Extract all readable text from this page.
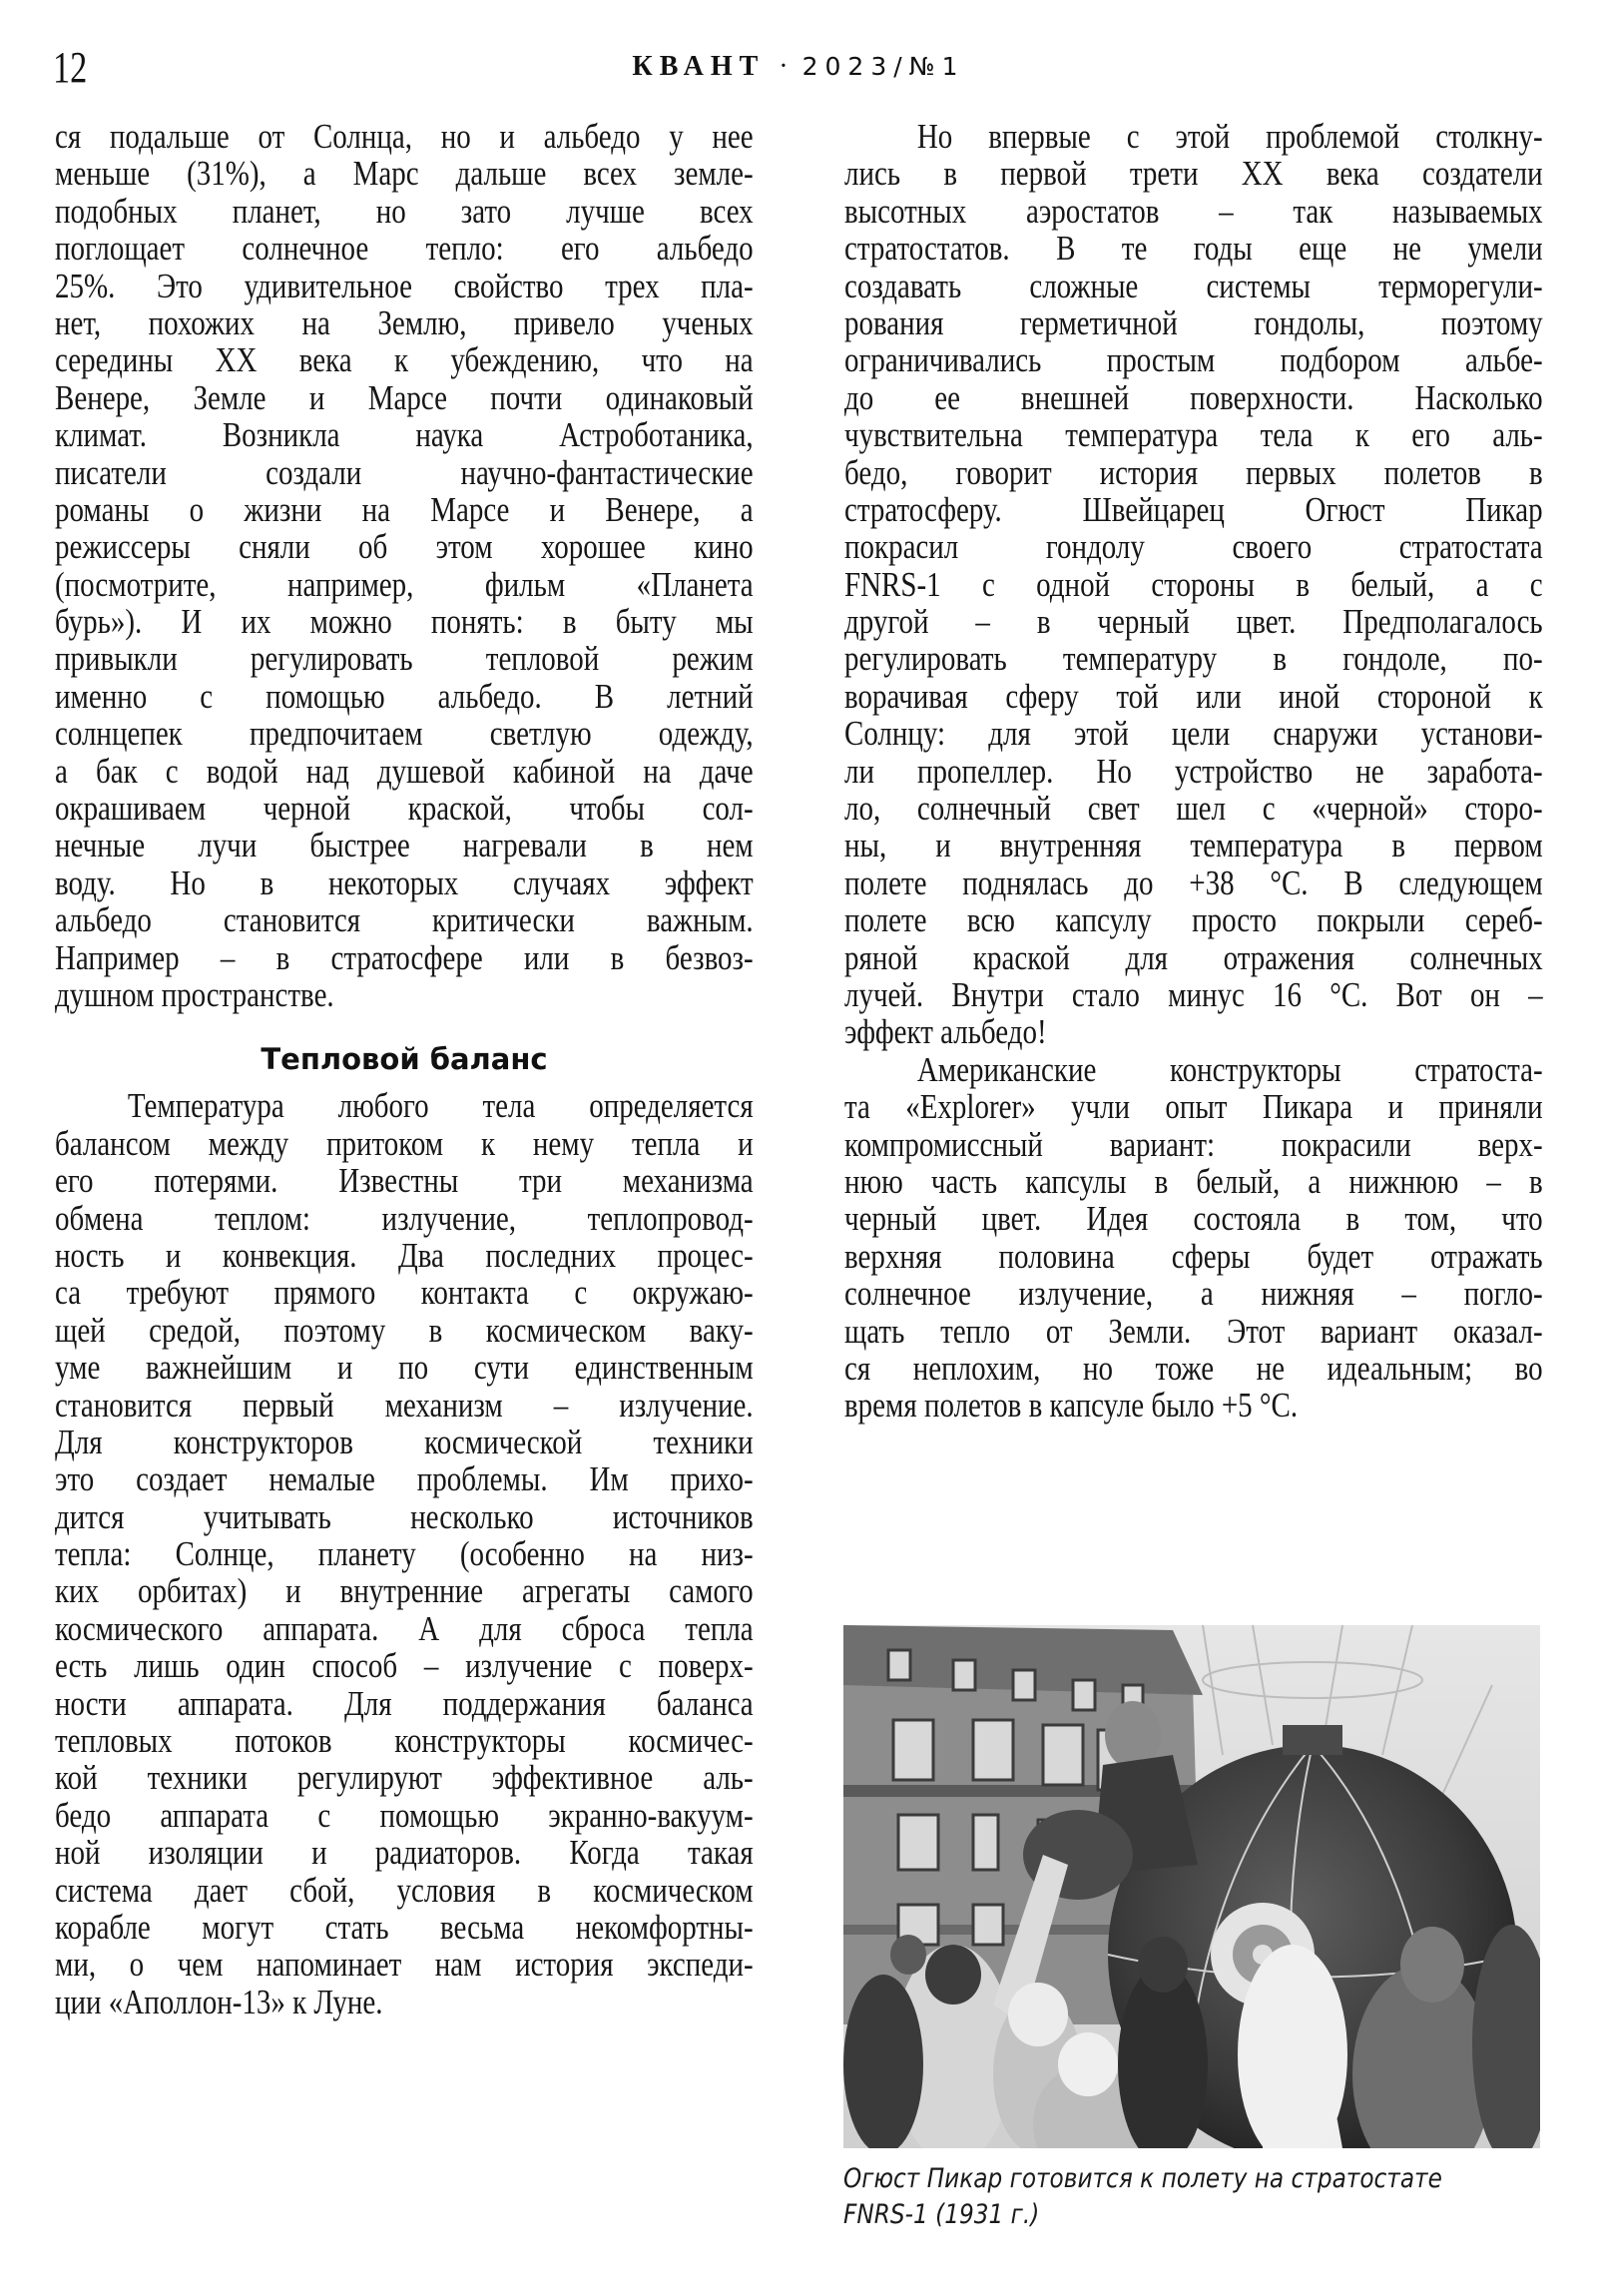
12	КВАНТ · 2023/№1
ся подальше от Солнца, но и альбедо у нее
меньше (31%), а Марс дальше всех земле-
подобных планет, но зато лучше всех
поглощает солнечное тепло: его альбедо
25%. Это удивительное свойство трех пла-
нет, похожих на Землю, привело ученых
середины XX века к убеждению, что на
Венере, Земле и Марсе почти одинаковый
климат. Возникла наука Астроботаника,
писатели создали научно-фантастические
романы о жизни на Марсе и Венере, а
режиссеры сняли об этом хорошее кино
(посмотрите, например, фильм «Планета
бурь»). И их можно понять: в быту мы
привыкли регулировать тепловой режим
именно с помощью альбедо. В летний
солнцепек предпочитаем светлую одежду,
а бак с водой над душевой кабиной на даче
окрашиваем черной краской, чтобы сол-
нечные лучи быстрее нагревали в нем
воду. Но в некоторых случаях эффект
альбедо становится критически важным.
Например – в стратосфере или в безвоз-
душном пространстве.
Тепловой баланс
Температура любого тела определяется
балансом между притоком к нему тепла и
его потерями. Известны три механизма
обмена теплом: излучение, теплопровод-
ность и конвекция. Два последних процес-
са требуют прямого контакта с окружаю-
щей средой, поэтому в космическом ваку-
уме важнейшим и по сути единственным
становится первый механизм – излучение.
Для конструкторов космической техники
это создает немалые проблемы. Им прихо-
дится учитывать несколько источников
тепла: Солнце, планету (особенно на низ-
ких орбитах) и внутренние агрегаты самого
космического аппарата. А для сброса тепла
есть лишь один способ – излучение с поверх-
ности аппарата. Для поддержания баланса
тепловых потоков конструкторы космичес-
кой техники регулируют эффективное аль-
бедо аппарата с помощью экранно-вакуум-
ной изоляции и радиаторов. Когда такая
система дает сбой, условия в космическом
корабле могут стать весьма некомфортны-
ми, о чем напоминает нам история экспеди-
ции «Аполлон-13» к Луне.
Но впервые с этой проблемой столкну-
лись в первой трети XX века создатели
высотных аэростатов – так называемых
стратостатов. В те годы еще не умели
создавать сложные системы терморегули-
рования герметичной гондолы, поэтому
ограничивались простым подбором альбе-
до ее внешней поверхности. Насколько
чувствительна температура тела к его аль-
бедо, говорит история первых полетов в
стратосферу. Швейцарец Огюст Пикар
покрасил гондолу своего стратостата
FNRS-1 с одной стороны в белый, а с
другой – в черный цвет. Предполагалось
регулировать температуру в гондоле, по-
ворачивая сферу той или иной стороной к
Солнцу: для этой цели снаружи установи-
ли пропеллер. Но устройство не заработа-
ло, солнечный свет шел с «черной» сторо-
ны, и внутренняя температура в первом
полете поднялась до +38 °С. В следующем
полете всю капсулу просто покрыли сереб-
ряной краской для отражения солнечных
лучей. Внутри стало минус 16 °С. Вот он –
эффект альбедо!
Американские конструкторы стратоста-
та «Explorer» учли опыт Пикара и приняли
компромиссный вариант: покрасили верх-
нюю часть капсулы в белый, а нижнюю – в
черный цвет. Идея состояла в том, что
верхняя половина сферы будет отражать
солнечное излучение, а нижняя – погло-
щать тепло от Земли. Этот вариант оказал-
ся неплохим, но тоже не идеальным; во
время полетов в капсуле было +5 °С.
Огюст Пикар готовится к полету на стратостате
FNRS-1 (1931 г.)
